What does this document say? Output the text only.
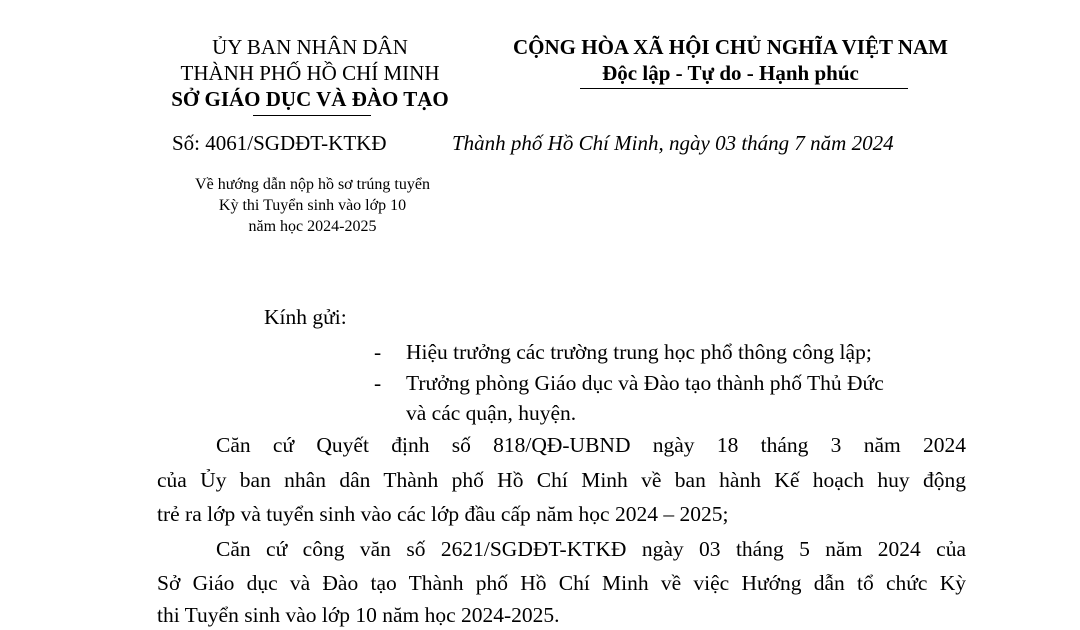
ỦY BAN NHÂN DÂN
THÀNH PHỐ HỒ CHÍ MINH
SỞ GIÁO DỤC VÀ ĐÀO TẠO
CỘNG HÒA XÃ HỘI CHỦ NGHĨA VIỆT NAM
Độc lập - Tự do - Hạnh phúc
Số: 4061/SGDĐT-KTKĐ	Thành phố Hồ Chí Minh, ngày 03 tháng 7 năm 2024
Về hướng dẫn nộp hồ sơ trúng tuyển
Kỳ thi Tuyển sinh vào lớp 10
năm học 2024-2025
Kính gửi:
- Hiệu trưởng các trường trung học phổ thông công lập;
- Trưởng phòng Giáo dục và Đào tạo thành phố Thủ Đức
và các quận, huyện.
Căn cứ Quyết định số 818/QĐ-UBND ngày 18 tháng 3 năm 2024
của Ủy ban nhân dân Thành phố Hồ Chí Minh về ban hành Kế hoạch huy động
trẻ ra lớp và tuyển sinh vào các lớp đầu cấp năm học 2024 – 2025;
Căn cứ công văn số 2621/SGDĐT-KTKĐ ngày 03 tháng 5 năm 2024 của
Sở Giáo dục và Đào tạo Thành phố Hồ Chí Minh về việc Hướng dẫn tổ chức Kỳ
thi Tuyển sinh vào lớp 10 năm học 2024-2025.
